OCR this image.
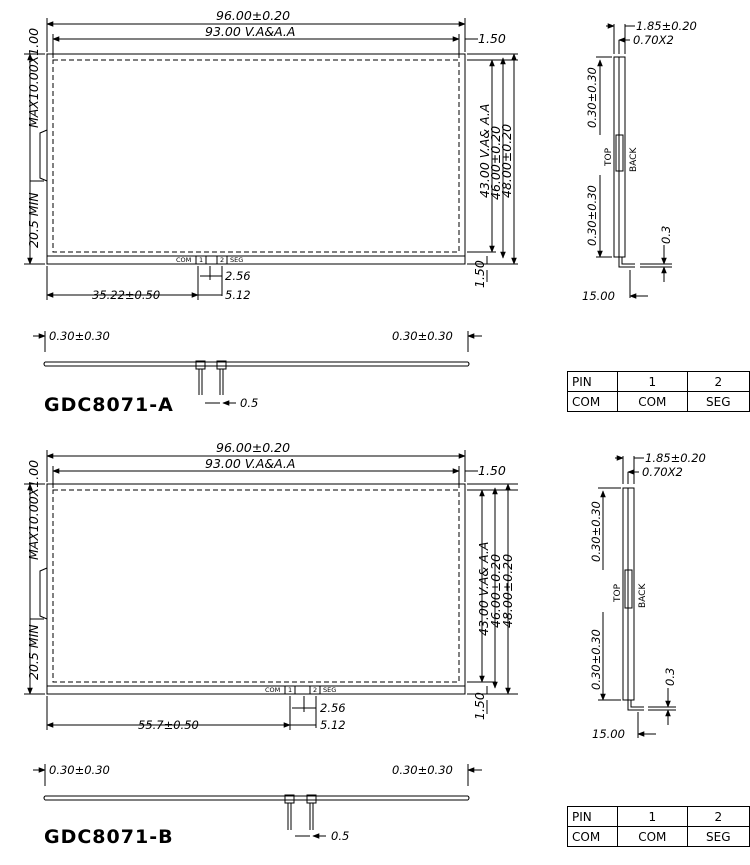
96.00±0.20
93.00 V.A&A.A	1.50
MAX10.00X1.00
20.5 MIN
43.00 V.A& A.A
46.00±0.20
48.00±0.20
1.50
COM 1	2 SEG
2.56
5.12
35.22±0.50
0.30±0.30	0.30±0.30
0.5
GDC8071-A
1.85±0.20
0.70X2
0.30±0.30
0.30±0.30
TOP BACK
0.3
15.00
96.00±0.20
93.00 V.A&A.A	1.50
MAX10.00X1.00
20.5 MIN
43.00 V.A& A.A
46.00±0.20
48.00±0.20
1.50
COM 1	2 SEG
2.56
5.12
55.7±0.50
0.30±0.30	0.30±0.30
0.5
GDC8071-B
1.85±0.20
0.70X2
0.30±0.30
0.30±0.30
TOP BACK
0.3
15.00
PIN	1	2
COM	COM	SEG
PIN	1	2
COM	COM	SEG
